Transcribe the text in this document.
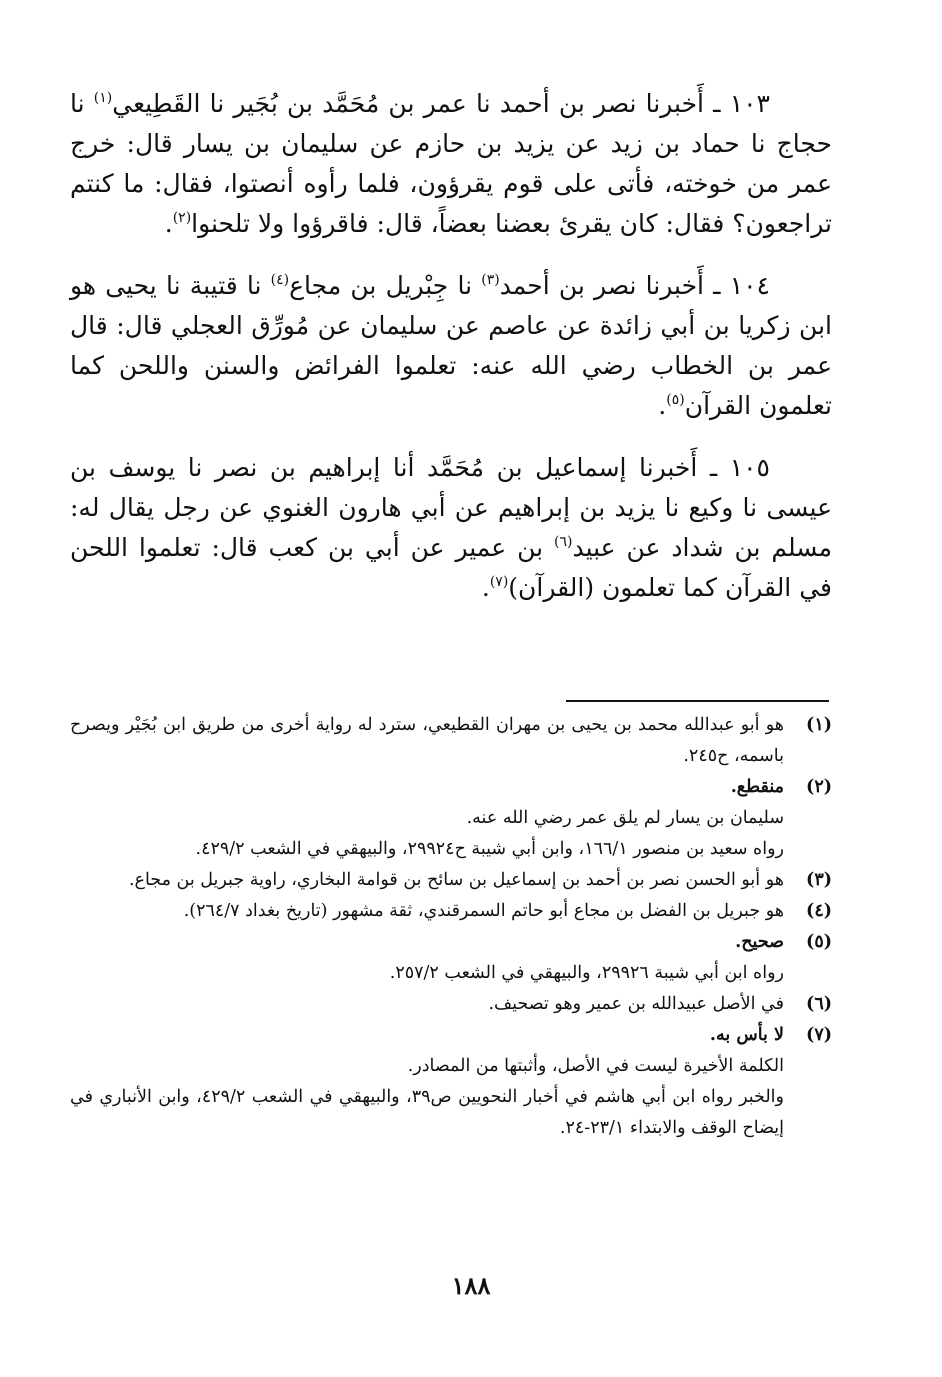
١٠٣ ـ أَخبرنا نصر بن أحمد نا عمر بن مُحَمَّد بن بُجَير نا القَطِيعي$^{(١)}$ نا حجاج نا حماد بن زيد عن يزيد بن حازم عن سليمان بن يسار قال: خرج عمر من خوخته، فأتى على قوم يقرؤون، فلما رأوه أنصتوا، فقال: ما كنتم تراجعون؟ فقال: كان يقرئ بعضنا بعضاً، قال: فاقرؤوا ولا تلحنوا$^{(٢)}$.

١٠٤ ـ أَخبرنا نصر بن أحمد$^{(٣)}$ نا جِبْريل بن مجاع$^{(٤)}$ نا قتيبة نا يحيى هو ابن زكريا بن أبي زائدة عن عاصم عن سليمان عن مُورِّق العجلي قال: قال عمر بن الخطاب رضي الله عنه: تعلموا الفرائض والسنن واللحن كما تعلمون القرآن$^{(٥)}$.

١٠٥ ـ أَخبرنا إسماعيل بن مُحَمَّد أنا إبراهيم بن نصر نا يوسف بن عيسى نا وكيع نا يزيد بن إبراهيم عن أبي هارون الغنوي عن رجل يقال له: مسلم بن شداد عن عبيد$^{(٦)}$ بن عمير عن أبي بن كعب قال: تعلموا اللحن في القرآن كما تعلمون (القرآن)$^{(٧)}$.

(١)
هو أبو عبدالله محمد بن يحيى بن مهران القطيعي، سترد له رواية أخرى من طريق ابن بُجَيْر ويصرح باسمه، ح٢٤٥.
(٢)
منقطع.
سليمان بن يسار لم يلق عمر رضي الله عنه.
رواه سعيد بن منصور ١٦٦/١، وابن أبي شيبة ح٢٩٩٢٤، والبيهقي في الشعب ٤٢٩/٢.
(٣)
هو أبو الحسن نصر بن أحمد بن إسماعيل بن سائح بن قوامة البخاري، راوية جبريل بن مجاع.
(٤)
هو جبريل بن الفضل بن مجاع أبو حاتم السمرقندي، ثقة مشهور (تاريخ بغداد ٢٦٤/٧).
(٥)
صحيح.
رواه ابن أبي شيبة ٢٩٩٢٦، والبيهقي في الشعب ٢٥٧/٢.
(٦)
في الأصل عبيدالله بن عمير وهو تصحيف.
(٧)
لا بأس به.
الكلمة الأخيرة ليست في الأصل، وأثبتها من المصادر.
والخبر رواه ابن أبي هاشم في أخبار النحويين ص٣٩، والبيهقي في الشعب ٤٢٩/٢، وابن الأنباري في إيضاح الوقف والابتداء ٢٣/١-٢٤.
١٨٨
